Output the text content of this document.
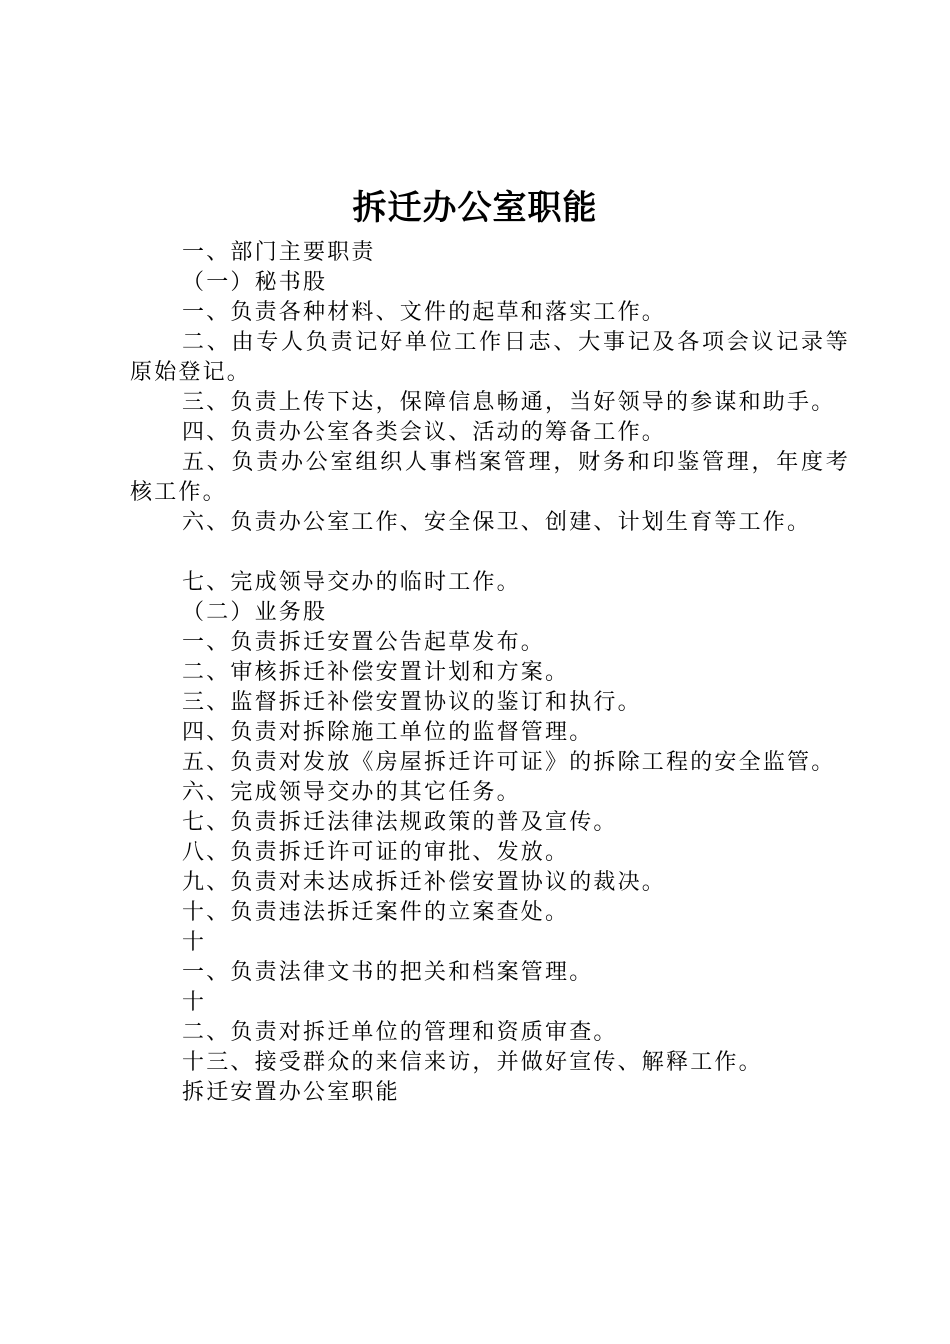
拆迁办公室职能

一、部门主要职责

（一）秘书股

一、负责各种材料、文件的起草和落实工作。

二、由专人负责记好单位工作日志、大事记及各项会议记录等原始登记。

三、负责上传下达，保障信息畅通，当好领导的参谋和助手。

四、负责办公室各类会议、活动的筹备工作。

五、负责办公室组织人事档案管理，财务和印鉴管理，年度考核工作。

六、负责办公室工作、安全保卫、创建、计划生育等工作。

七、完成领导交办的临时工作。

（二）业务股

一、负责拆迁安置公告起草发布。

二、审核拆迁补偿安置计划和方案。

三、监督拆迁补偿安置协议的鉴订和执行。

四、负责对拆除施工单位的监督管理。

五、负责对发放《房屋拆迁许可证》的拆除工程的安全监管。

六、完成领导交办的其它任务。

七、负责拆迁法律法规政策的普及宣传。

八、负责拆迁许可证的审批、发放。

九、负责对未达成拆迁补偿安置协议的裁决。

十、负责违法拆迁案件的立案查处。

十

一、负责法律文书的把关和档案管理。

十

二、负责对拆迁单位的管理和资质审查。

十三、接受群众的来信来访，并做好宣传、解释工作。

拆迁安置办公室职能
